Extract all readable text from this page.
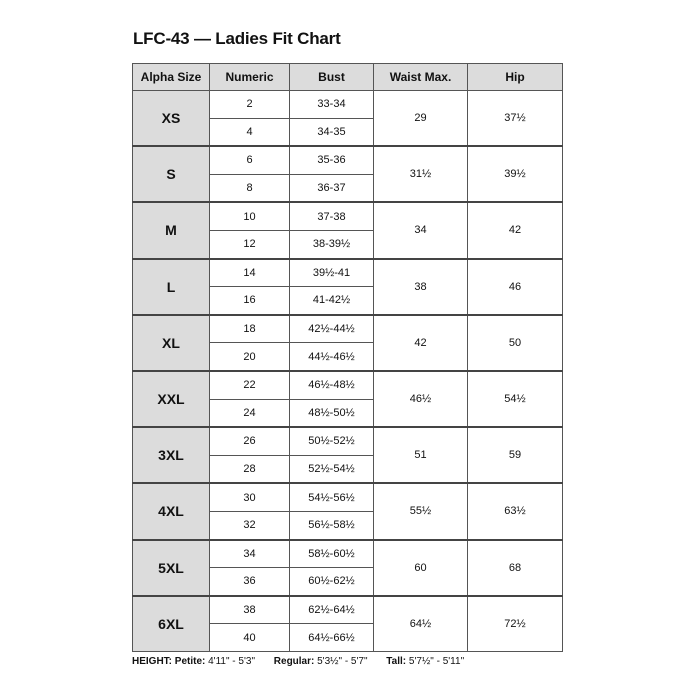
LFC-43 — Ladies Fit Chart
Alpha Size	Numeric	Bust	Waist Max.	Hip
XS	2	33-34	29	37½
	4	34-35		
S	6	35-36	31½	39½
	8	36-37		
M	10	37-38	34	42
	12	38-39½		
L	14	39½-41	38	46
	16	41-42½		
XL	18	42½-44½	42	50
	20	44½-46½		
XXL	22	46½-48½	46½	54½
	24	48½-50½		
3XL	26	50½-52½	51	59
	28	52½-54½		
4XL	30	54½-56½	55½	63½
	32	56½-58½		
5XL	34	58½-60½	60	68
	36	60½-62½		
6XL	38	62½-64½	64½	72½
	40	64½-66½		
HEIGHT: Petite: 4'11" - 5'3" Regular: 5'3½" - 5'7" Tall: 5'7½" - 5'11"
